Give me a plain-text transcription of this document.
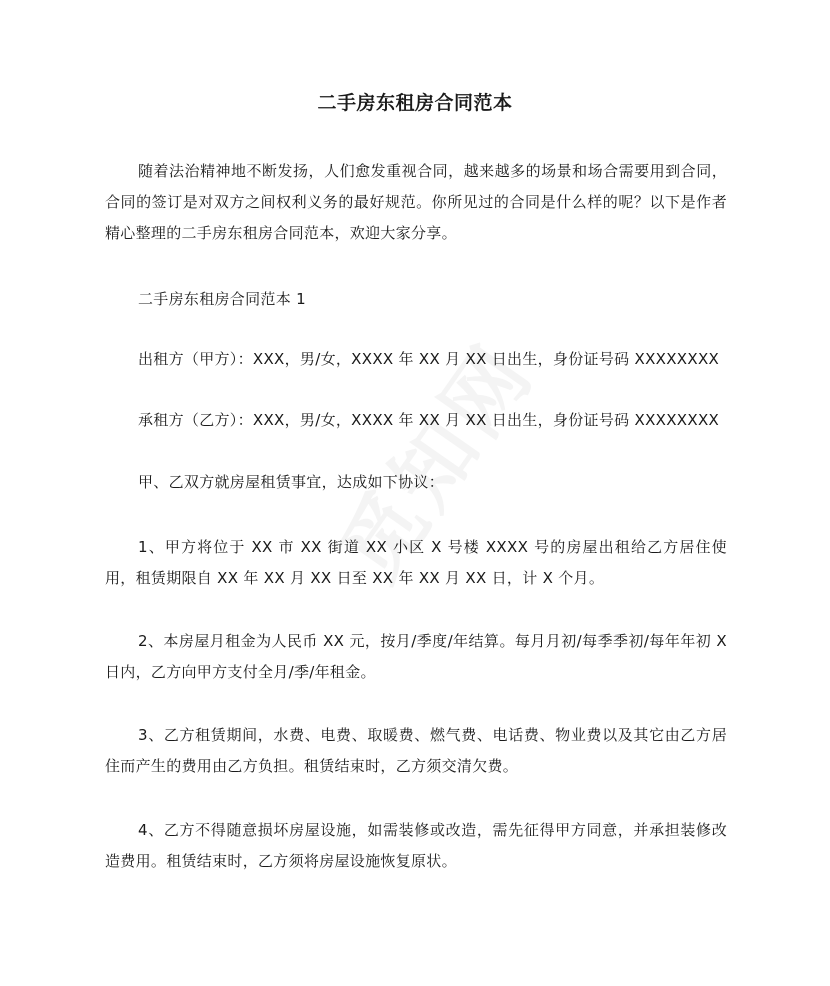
二手房东租房合同范本
随着法治精神地不断发扬，人们愈发重视合同，越来越多的场景和场合需要用到合同，合同的签订是对双方之间权利义务的最好规范。你所见过的合同是什么样的呢？以下是作者精心整理的二手房东租房合同范本，欢迎大家分享。
二手房东租房合同范本 1
出租方（甲方）：XXX，男/女，XXXX 年 XX 月 XX 日出生，身份证号码 XXXXXXXX
承租方（乙方）：XXX，男/女，XXXX 年 XX 月 XX 日出生，身份证号码 XXXXXXXX
甲、乙双方就房屋租赁事宜，达成如下协议：
1、甲方将位于 XX 市 XX 街道 XX 小区 X 号楼 XXXX 号的房屋出租给乙方居住使用，租赁期限自 XX 年 XX 月 XX 日至 XX 年 XX 月 XX 日，计 X 个月。
2、本房屋月租金为人民币 XX 元，按月/季度/年结算。每月月初/每季季初/每年年初 X 日内，乙方向甲方支付全月/季/年租金。
3、乙方租赁期间，水费、电费、取暖费、燃气费、电话费、物业费以及其它由乙方居住而产生的费用由乙方负担。租赁结束时，乙方须交清欠费。
4、乙方不得随意损坏房屋设施，如需装修或改造，需先征得甲方同意，并承担装修改造费用。租赁结束时，乙方须将房屋设施恢复原状。
